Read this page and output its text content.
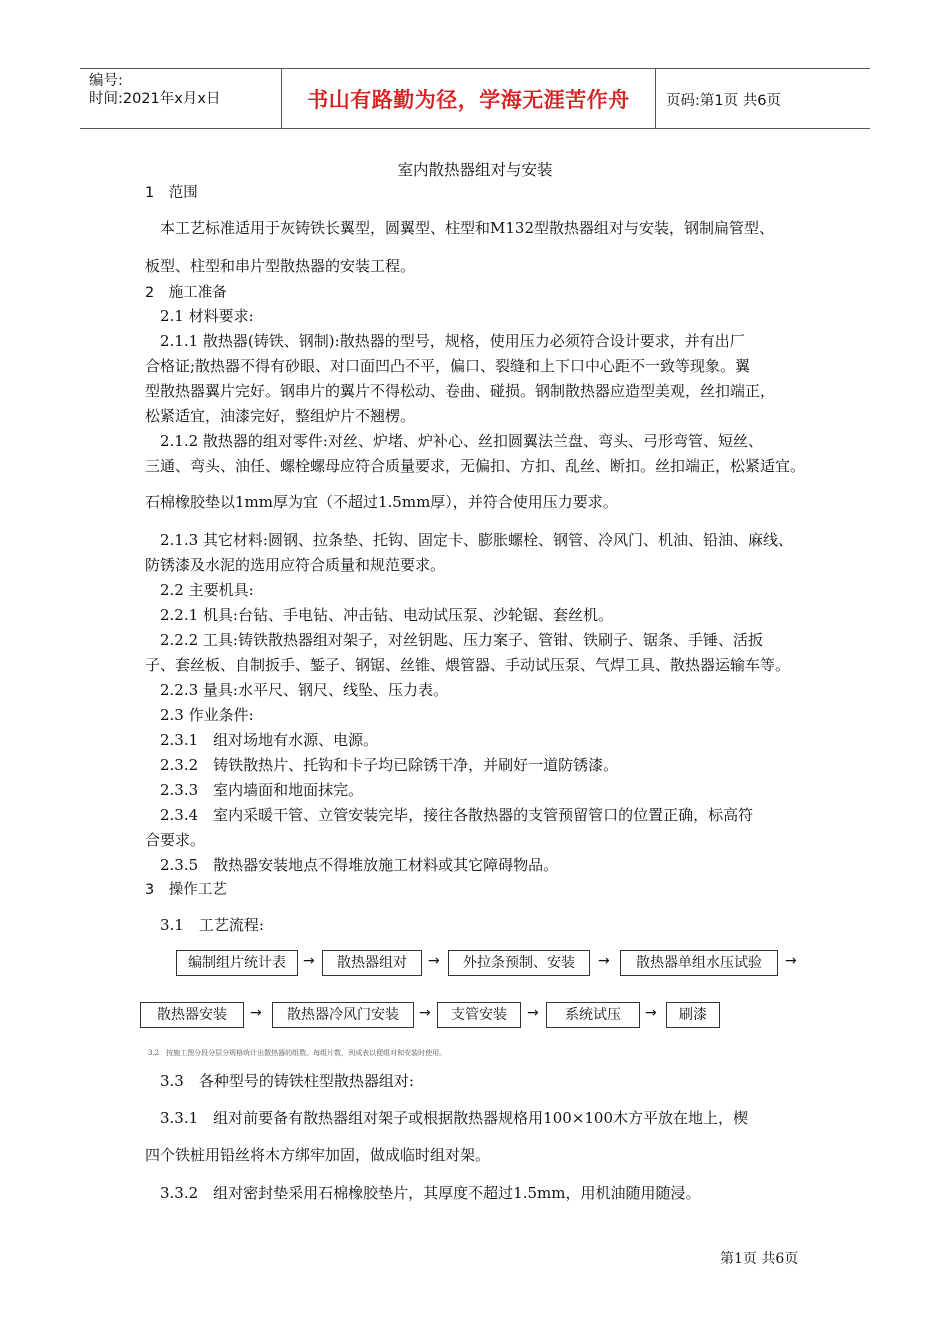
编号:
时间:2021年x月x日	书山有路勤为径，学海无涯苦作舟	页码:第1页 共6页
室内散热器组对与安装
1　范围
本工艺标准适用于灰铸铁长翼型，圆翼型、柱型和M132型散热器组对与安装，钢制扁管型、
板型、柱型和串片型散热器的安装工程。
2　施工准备
2.1 材料要求:
2.1.1 散热器(铸铁、钢制):散热器的型号，规格，使用压力必须符合设计要求，并有出厂
合格证;散热器不得有砂眼、对口面凹凸不平，偏口、裂缝和上下口中心距不一致等现象。翼
型散热器翼片完好。钢串片的翼片不得松动、卷曲、碰损。钢制散热器应造型美观，丝扣端正，
松紧适宜，油漆完好，整组炉片不翘楞。
2.1.2 散热器的组对零件:对丝、炉堵、炉补心、丝扣圆翼法兰盘、弯头、弓形弯管、短丝、
三通、弯头、油任、螺栓螺母应符合质量要求，无偏扣、方扣、乱丝、断扣。丝扣端正，松紧适宜。
石棉橡胶垫以1mm厚为宜（不超过1.5mm厚），并符合使用压力要求。
2.1.3 其它材料:圆钢、拉条垫、托钩、固定卡、膨胀螺栓、钢管、冷风门、机油、铅油、麻线、
防锈漆及水泥的选用应符合质量和规范要求。
2.2 主要机具:
2.2.1 机具:台钻、手电钻、冲击钻、电动试压泵、沙轮锯、套丝机。
2.2.2 工具:铸铁散热器组对架子，对丝钥匙、压力案子、管钳、铁刷子、锯条、手锤、活扳
子、套丝板、自制扳手、錾子、钢锯、丝锥、煨管器、手动试压泵、气焊工具、散热器运输车等。
2.2.3 量具:水平尺、钢尺、线坠、压力表。
2.3 作业条件:
2.3.1　组对场地有水源、电源。
2.3.2　铸铁散热片、托钩和卡子均已除锈干净，并刷好一道防锈漆。
2.3.3　室内墙面和地面抹完。
2.3.4　室内采暖干管、立管安装完毕，接往各散热器的支管预留管口的位置正确，标高符
合要求。
2.3.5　散热器安装地点不得堆放施工材料或其它障碍物品。
3　操作工艺
3.1　工艺流程:
编制组片统计表	→	散热器组对	→	外拉条预制、安装	→	散热器单组水压试验	→
散热器安装	→	散热器冷风门安装	→	支管安装	→	系统试压	→	刷漆
3.2　按施工图分段分层分规格统计出散热器的组数、每组片数，列成表以便组对和安装时使用。
3.3　各种型号的铸铁柱型散热器组对:
3.3.1　组对前要备有散热器组对架子或根据散热器规格用100×100木方平放在地上，楔
四个铁桩用铅丝将木方绑牢加固，做成临时组对架。
3.3.2　组对密封垫采用石棉橡胶垫片，其厚度不超过1.5mm，用机油随用随浸。
第1页 共6页
